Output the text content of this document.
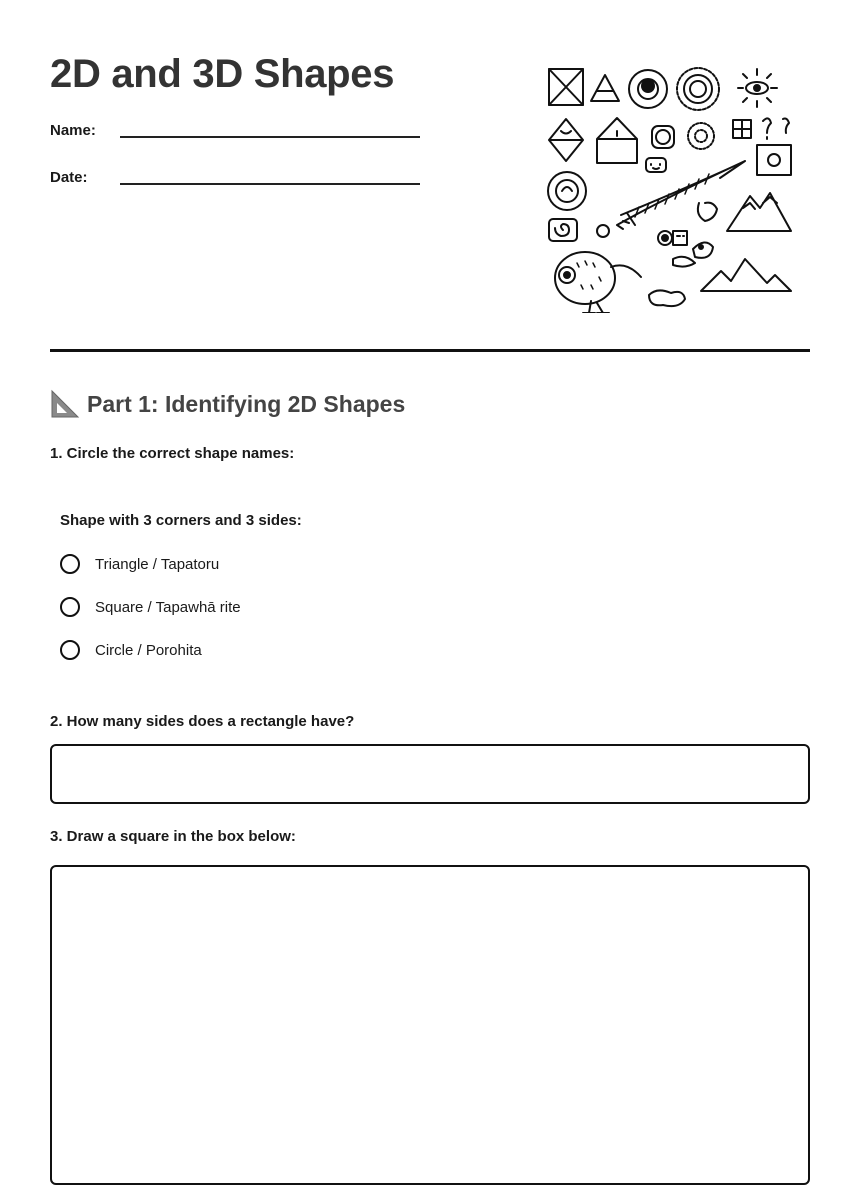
2D and 3D Shapes
Name:
Date:
Part 1: Identifying 2D Shapes
1. Circle the correct shape names:
Shape with 3 corners and 3 sides:
Triangle / Tapatoru
Square / Tapawhā rite
Circle / Porohita
2. How many sides does a rectangle have?
3. Draw a square in the box below:
